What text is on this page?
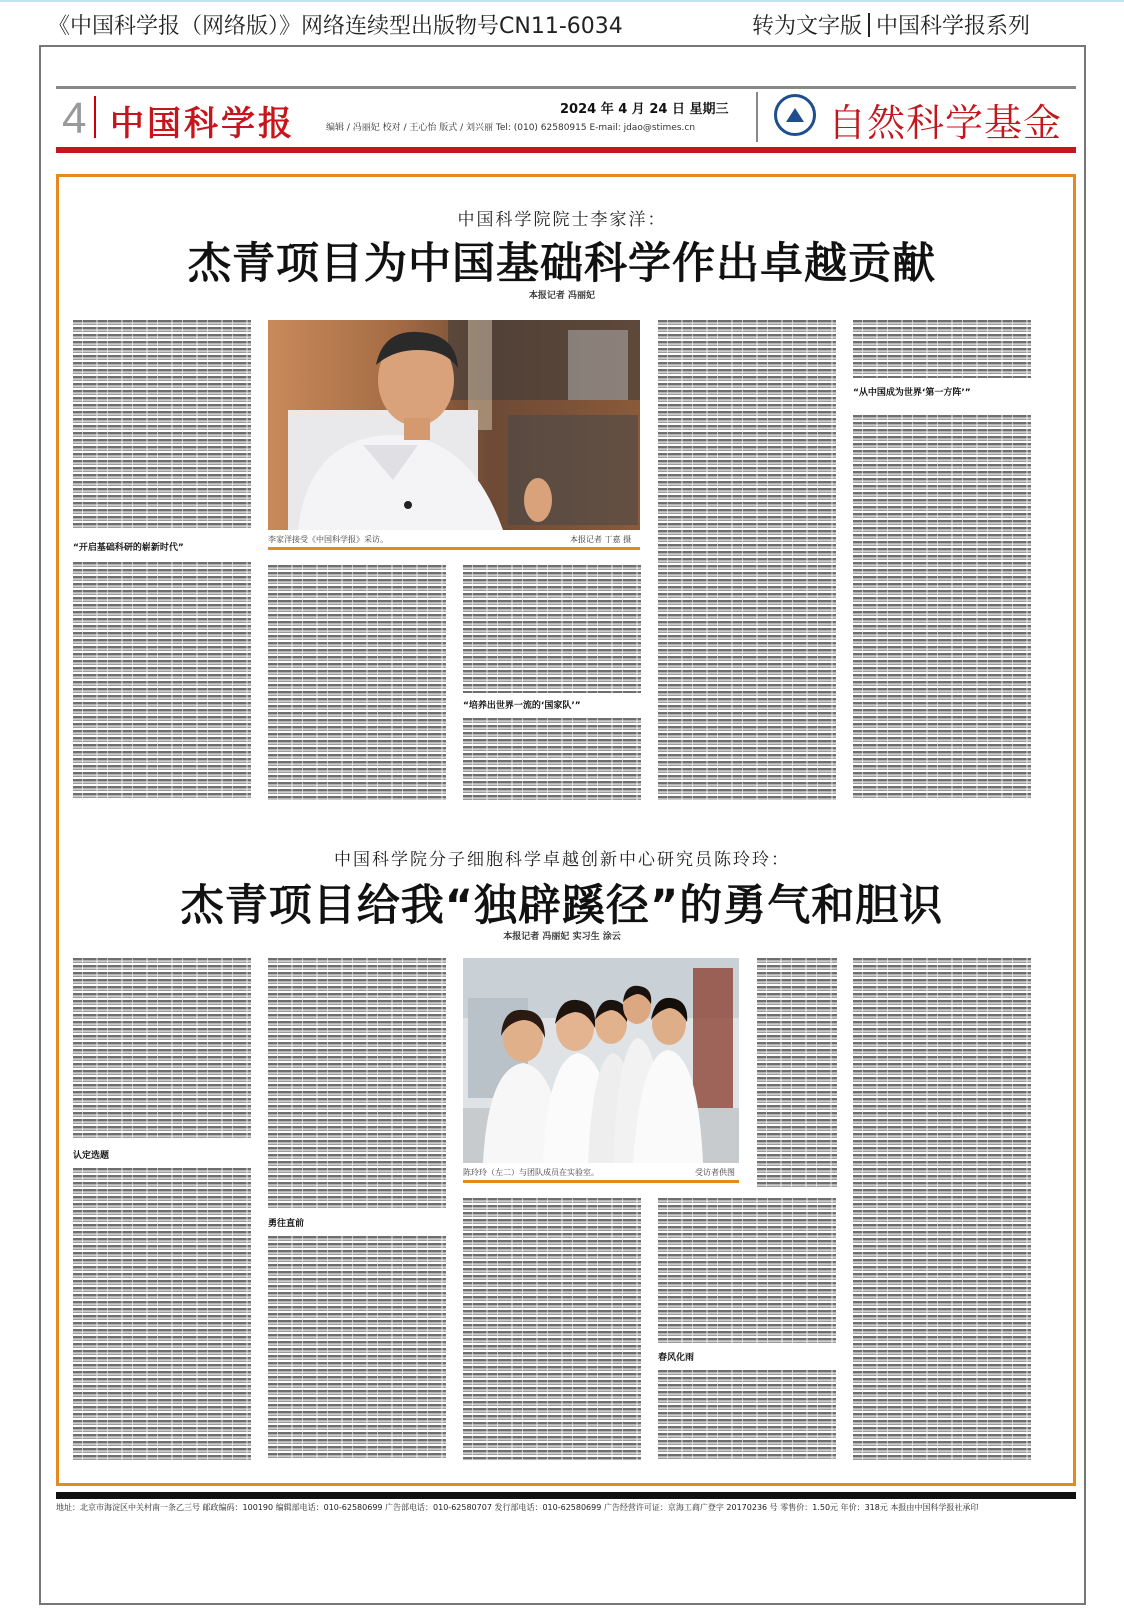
《中国科学报（网络版）》网络连续型出版物号CN11-6034	转为文字版 中国科学报系列
4 中国科学报	2024 年 4 月 24 日 星期三
编辑 / 冯丽妃 校对 / 王心怡 版式 / 刘兴丽 Tel: (010) 62580915 E-mail: jdao@stimes.cn	自然科学基金
中国科学院院士李家洋：
杰青项目为中国基础科学作出卓越贡献
本报记者 冯丽妃
“开启基础科研的崭新时代”
李家洋接受《中国科学报》采访。	本报记者 丁嘉 摄
“培养出世界一流的‘国家队’”
“从中国成为世界‘第一方阵’”
中国科学院分子细胞科学卓越创新中心研究员陈玲玲：
杰青项目给我“独辟蹊径”的勇气和胆识
本报记者 冯丽妃 实习生 涂云
认定选题
勇往直前
陈玲玲（左二）与团队成员在实验室。	受访者供图
春风化雨
地址：北京市海淀区中关村南一条乙三号 邮政编码：100190 编辑部电话：010-62580699 广告部电话：010-62580707 发行部电话：010-62580699 广告经营许可证：京海工商广登字 20170236 号 零售价：1.50元 年价：318元 本报由中国科学报社承印
